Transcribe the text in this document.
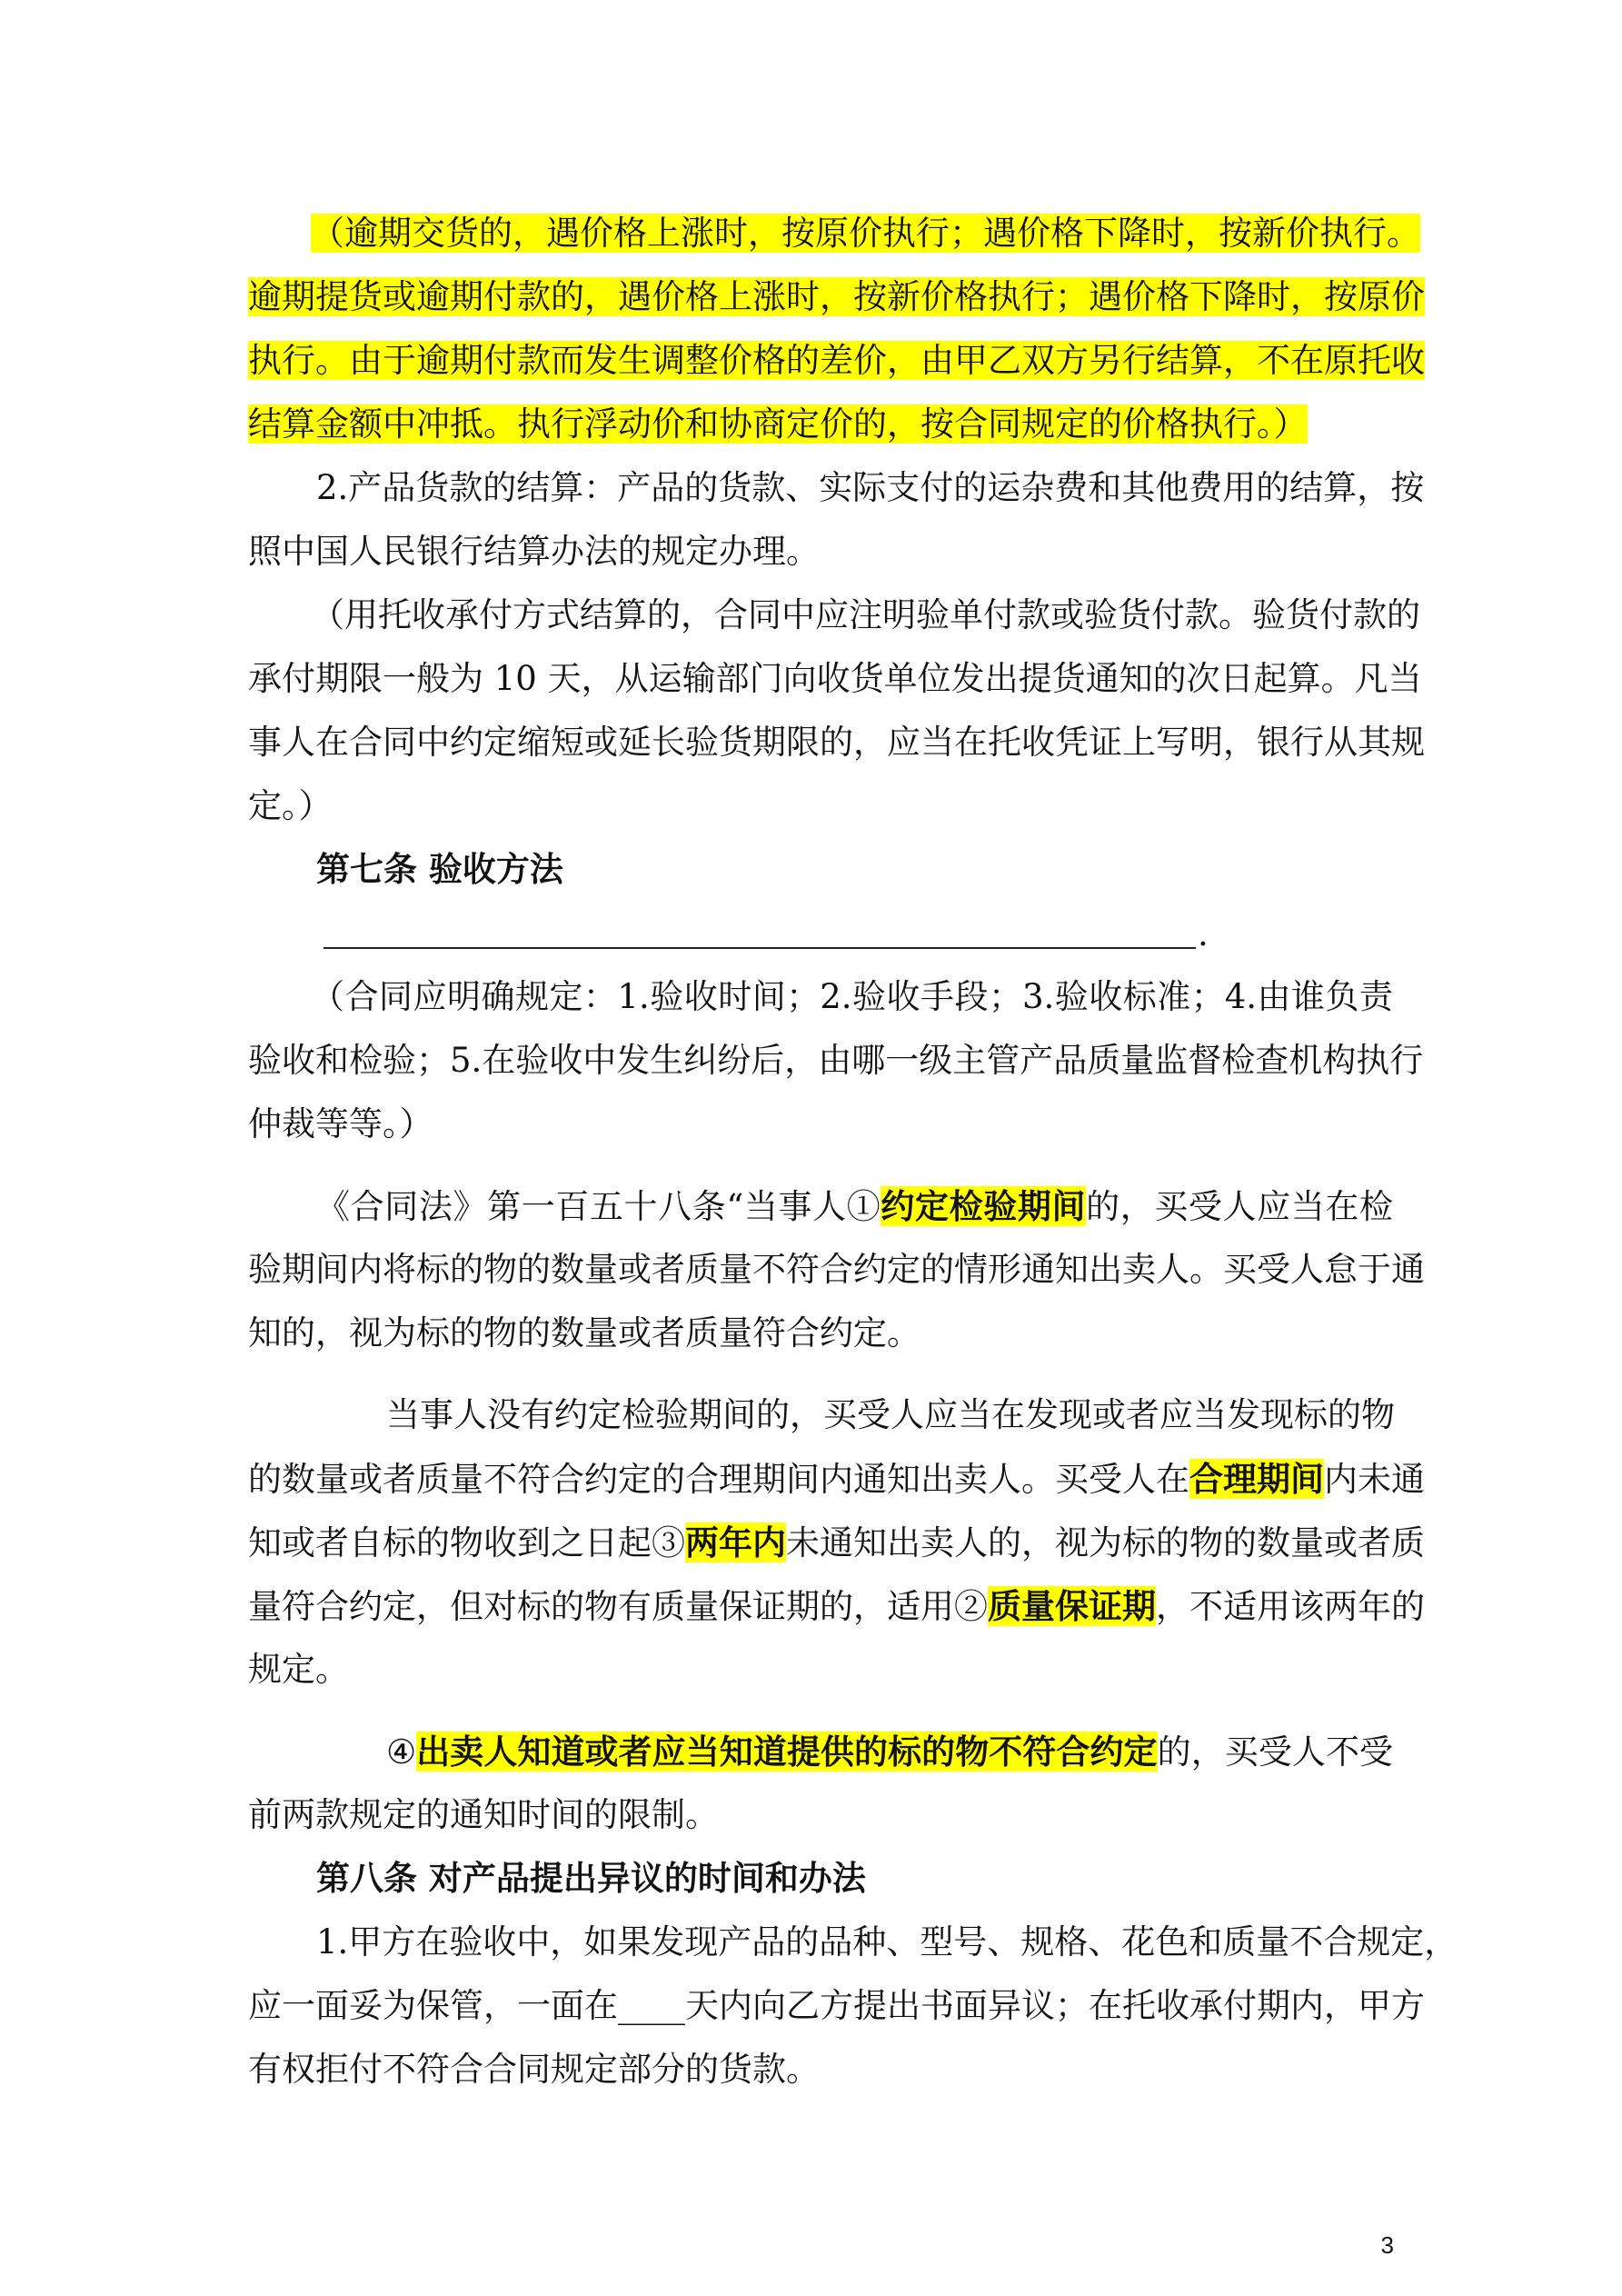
（逾期交货的，遇价格上涨时，按原价执行；遇价格下降时，按新价执行。
逾期提货或逾期付款的，遇价格上涨时，按新价格执行；遇价格下降时，按原价
执行。由于逾期付款而发生调整价格的差价，由甲乙双方另行结算，不在原托收
结算金额中冲抵。执行浮动价和协商定价的，按合同规定的价格执行。）
2.产品货款的结算：产品的货款、实际支付的运杂费和其他费用的结算，按
照中国人民银行结算办法的规定办理。
（用托收承付方式结算的，合同中应注明验单付款或验货付款。验货付款的
承付期限一般为 10 天，从运输部门向收货单位发出提货通知的次日起算。凡当
事人在合同中约定缩短或延长验货期限的，应当在托收凭证上写明，银行从其规
定。）
第七条 验收方法
.
（合同应明确规定：1.验收时间；2.验收手段；3.验收标准；4.由谁负责
验收和检验；5.在验收中发生纠纷后，由哪一级主管产品质量监督检查机构执行
仲裁等等。）
《合同法》第一百五十八条“当事人①约定检验期间的，买受人应当在检
验期间内将标的物的数量或者质量不符合约定的情形通知出卖人。买受人怠于通
知的，视为标的物的数量或者质量符合约定。
当事人没有约定检验期间的，买受人应当在发现或者应当发现标的物
的数量或者质量不符合约定的合理期间内通知出卖人。买受人在合理期间内未通
知或者自标的物收到之日起③两年内未通知出卖人的，视为标的物的数量或者质
量符合约定，但对标的物有质量保证期的，适用②质量保证期，不适用该两年的
规定。
④出卖人知道或者应当知道提供的标的物不符合约定的，买受人不受
前两款规定的通知时间的限制。
第八条 对产品提出异议的时间和办法
1.甲方在验收中，如果发现产品的品种、型号、规格、花色和质量不合规定，
应一面妥为保管，一面在____天内向乙方提出书面异议；在托收承付期内，甲方
有权拒付不符合合同规定部分的货款。
3
